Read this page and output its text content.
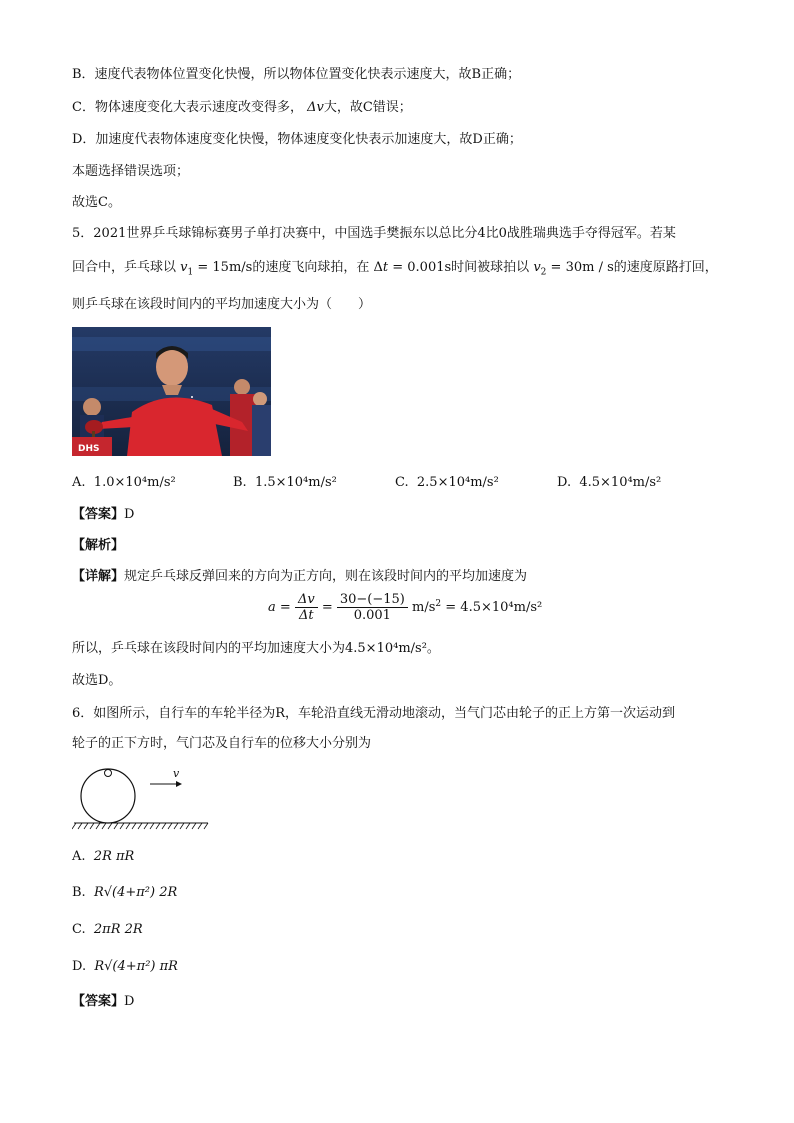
B．速度代表物体位置变化快慢，所以物体位置变化快表示速度大，故B正确；
C．物体速度变化大表示速度改变得多， Δv大，故C错误；
D．加速度代表物体速度变化快慢，物体速度变化快表示加速度大，故D正确；
本题选择错误选项；
故选C。
5．2021世界乒乓球锦标赛男子单打决赛中，中国选手樊振东以总比分4比0战胜瑞典选手夺得冠军。若某
回合中，乒乓球以 $v_1 = 15m/s$的速度飞向球拍，在 Δt = 0.001s时间被球拍以 $v_2 = 30m / s$的速度原路打回，
则乒乓球在该段时间内的平均加速度大小为（　　）
DHS
A. 1.0×10⁴m/s²	B. 1.5×10⁴m/s²	C. 2.5×10⁴m/s²	D. 4.5×10⁴m/s²
【答案】D
【解析】
【详解】规定乒乓球反弹回来的方向为正方向，则在该段时间内的平均加速度为
$a = \frac{\Delta v}{\Delta t} = \frac{30-(-15)}{0.001} m/s^2 = 4.5\times 10^4m/s^2$
所以，乒乓球在该段时间内的平均加速度大小为4.5×10⁴m/s²。
故选D。
6．如图所示，自行车的车轮半径为R，车轮沿直线无滑动地滚动，当气门芯由轮子的正上方第一次运动到
轮子的正下方时，气门芯及自行车的位移大小分别为
v
A. 2R πR
B. R√(4+π²) 2R
C. 2πR 2R
D. R√(4+π²) πR
【答案】D
